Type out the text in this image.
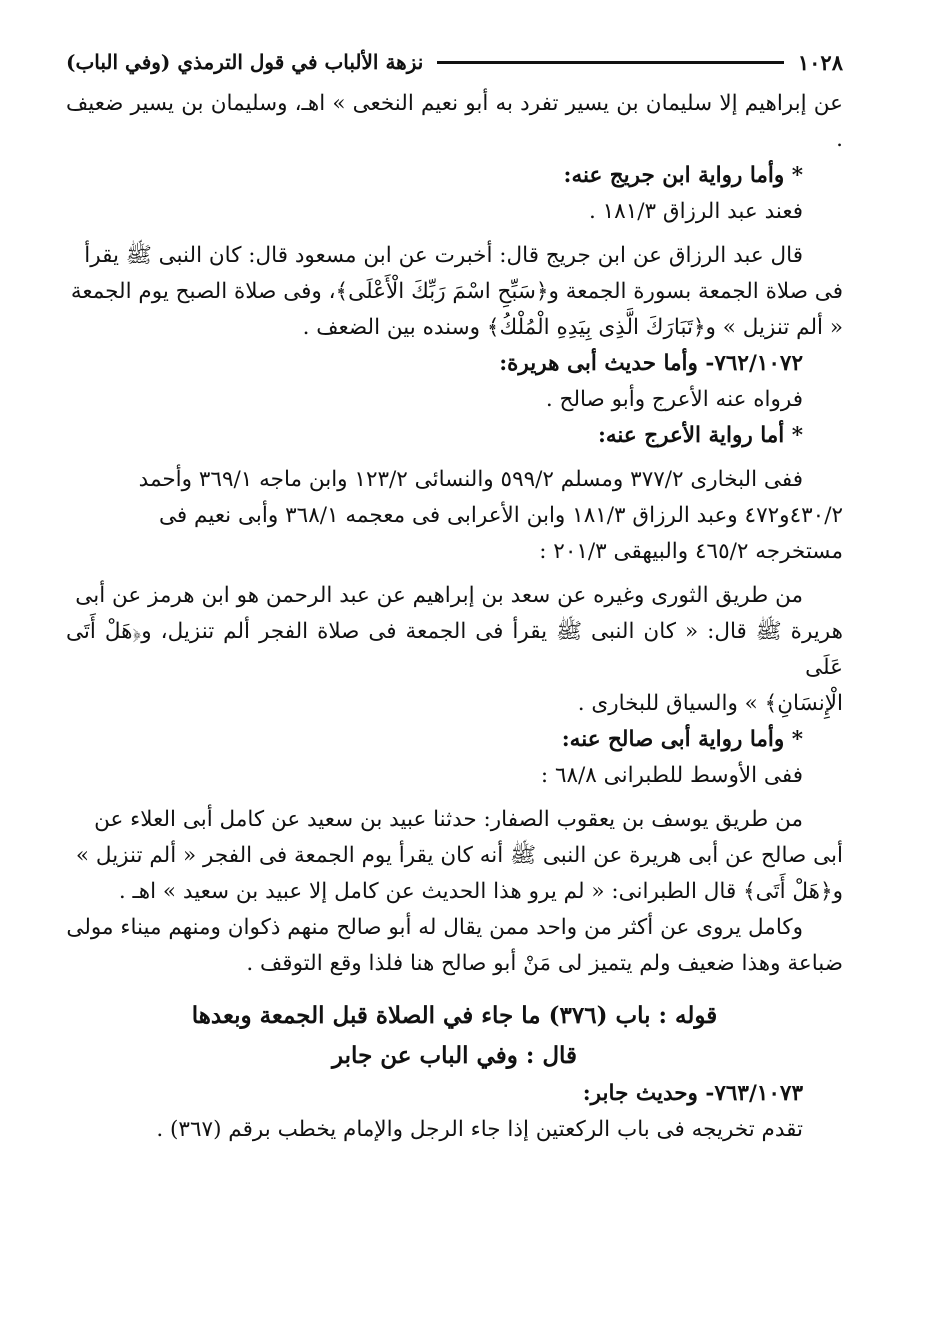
١٠٢٨
نزهة الألباب في قول الترمذي (وفي الباب)

عن إبراهيم إلا سليمان بن يسير تفرد به أبو نعيم النخعى » اهـ، وسليمان بن يسير ضعيف .

* وأما رواية ابن جريج عنه:

فعند عبد الرزاق ١٨١/٣ .

قال عبد الرزاق عن ابن جريج قال: أخبرت عن ابن مسعود قال: كان النبى ﷺ يقرأ

فى صلاة الجمعة بسورة الجمعة و﴿سَبِّحِ اسْمَ رَبِّكَ الْأَعْلَى﴾، وفى صلاة الصبح يوم الجمعة

« ألم تنزيل » و﴿تَبَارَكَ الَّذِى بِيَدِهِ الْمُلْكُ﴾ وسنده بين الضعف .

٧٦٢/١٠٧٢- وأما حديث أبى هريرة:

فرواه عنه الأعرج وأبو صالح .

* أما رواية الأعرج عنه:

ففى البخارى ٣٧٧/٢ ومسلم ٥٩٩/٢ والنسائى ١٢٣/٢ وابن ماجه ٣٦٩/١ وأحمد

٤٣٠/٢و٤٧٢ وعبد الرزاق ١٨١/٣ وابن الأعرابى فى معجمه ٣٦٨/١ وأبى نعيم فى

مستخرجه ٤٦٥/٢ والبيهقى ٢٠١/٣ :

من طريق الثورى وغيره عن سعد بن إبراهيم عن عبد الرحمن هو ابن هرمز عن أبى

هريرة ﷺ قال: « كان النبى ﷺ يقرأ فى الجمعة فى صلاة الفجر ألم تنزيل، و﴿هَلْ أَتَى عَلَى

الْإِنسَانِ﴾ » والسياق للبخارى .

* وأما رواية أبى صالح عنه:

ففى الأوسط للطبرانى ٦٨/٨ :

من طريق يوسف بن يعقوب الصفار: حدثنا عبيد بن سعيد عن كامل أبى العلاء عن

أبى صالح عن أبى هريرة عن النبى ﷺ أنه كان يقرأ يوم الجمعة فى الفجر « ألم تنزيل »

و﴿هَلْ أَتَى﴾ قال الطبرانى: « لم يرو هذا الحديث عن كامل إلا عبيد بن سعيد » اهـ .

وكامل يروى عن أكثر من واحد ممن يقال له أبو صالح منهم ذكوان ومنهم ميناء مولى

ضباعة وهذا ضعيف ولم يتميز لى مَنْ أبو صالح هنا فلذا وقع التوقف .

قوله : باب (٣٧٦) ما جاء في الصلاة قبل الجمعة وبعدها

قال : وفي الباب عن جابر

٧٦٣/١٠٧٣- وحديث جابر:

تقدم تخريجه فى باب الركعتين إذا جاء الرجل والإمام يخطب برقم (٣٦٧) .
